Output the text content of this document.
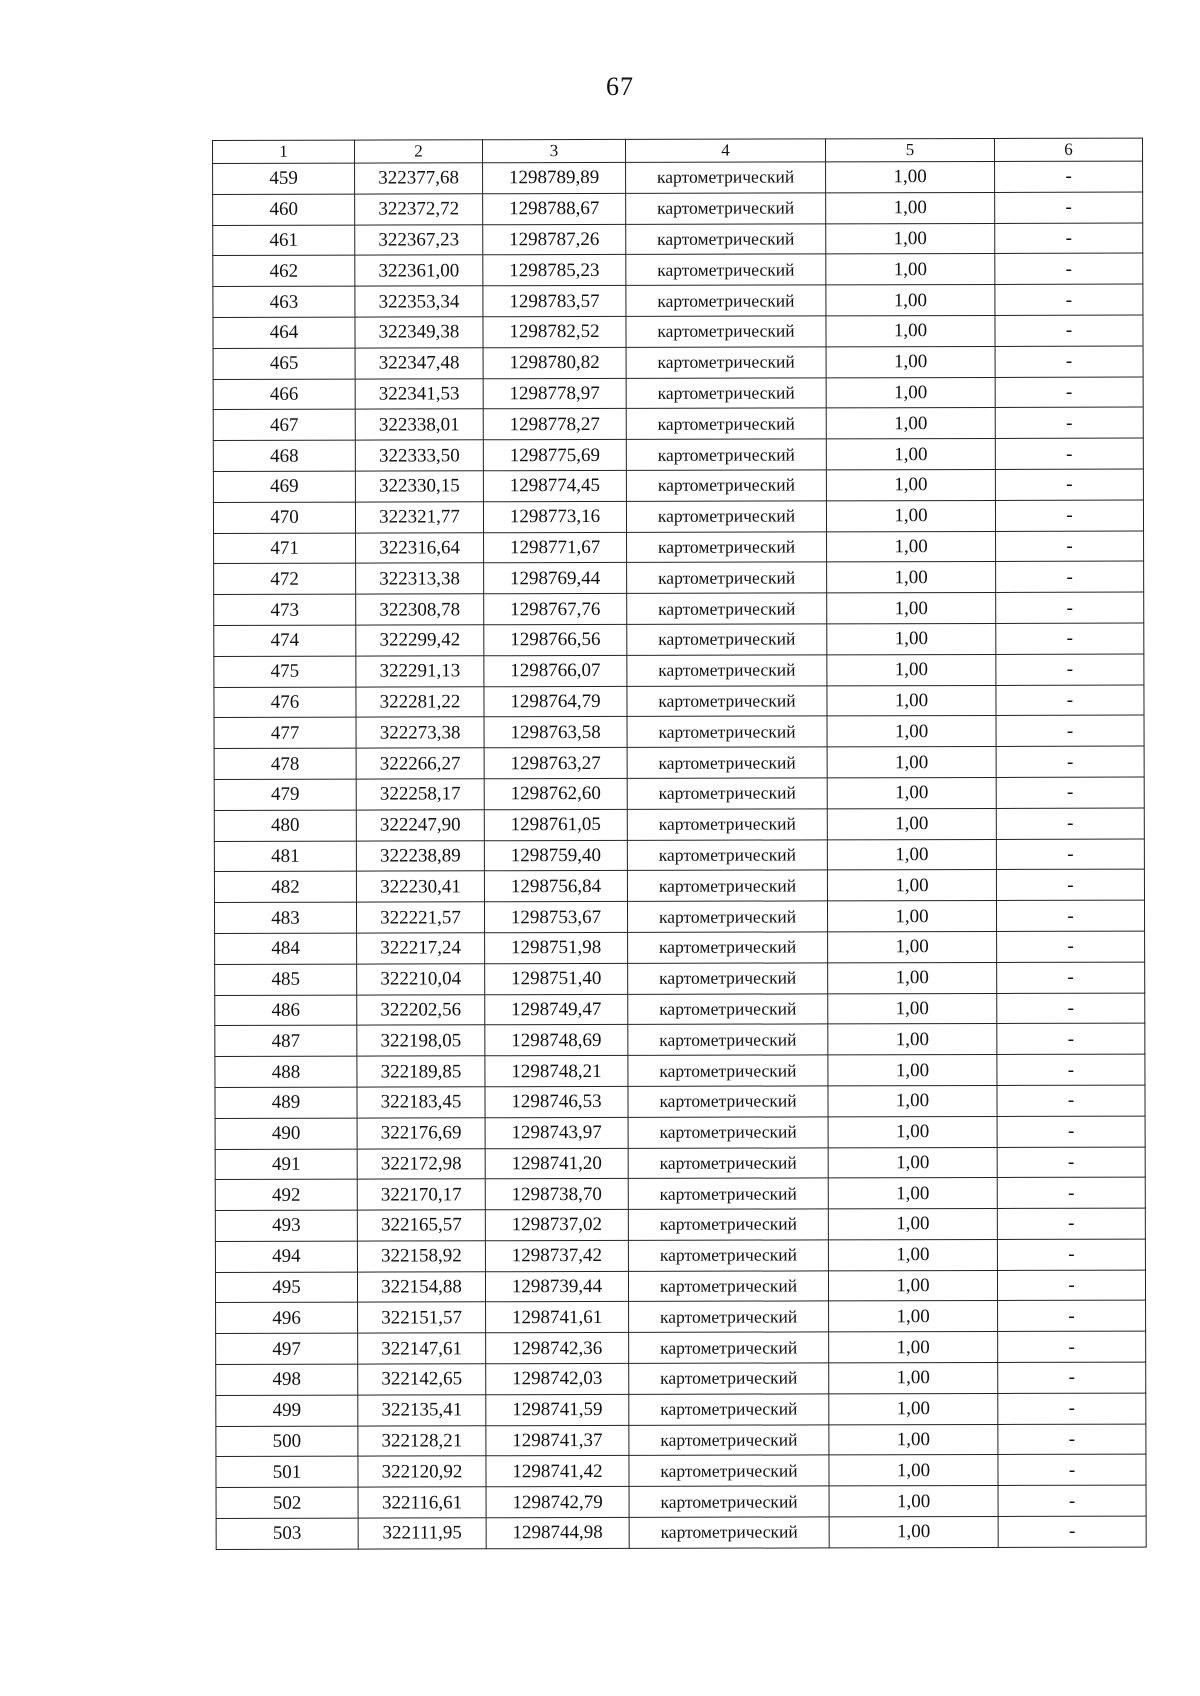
67
1	2	3	4	5	6
459	322377,68	1298789,89	картометрический	1,00	-
460	322372,72	1298788,67	картометрический	1,00	-
461	322367,23	1298787,26	картометрический	1,00	-
462	322361,00	1298785,23	картометрический	1,00	-
463	322353,34	1298783,57	картометрический	1,00	-
464	322349,38	1298782,52	картометрический	1,00	-
465	322347,48	1298780,82	картометрический	1,00	-
466	322341,53	1298778,97	картометрический	1,00	-
467	322338,01	1298778,27	картометрический	1,00	-
468	322333,50	1298775,69	картометрический	1,00	-
469	322330,15	1298774,45	картометрический	1,00	-
470	322321,77	1298773,16	картометрический	1,00	-
471	322316,64	1298771,67	картометрический	1,00	-
472	322313,38	1298769,44	картометрический	1,00	-
473	322308,78	1298767,76	картометрический	1,00	-
474	322299,42	1298766,56	картометрический	1,00	-
475	322291,13	1298766,07	картометрический	1,00	-
476	322281,22	1298764,79	картометрический	1,00	-
477	322273,38	1298763,58	картометрический	1,00	-
478	322266,27	1298763,27	картометрический	1,00	-
479	322258,17	1298762,60	картометрический	1,00	-
480	322247,90	1298761,05	картометрический	1,00	-
481	322238,89	1298759,40	картометрический	1,00	-
482	322230,41	1298756,84	картометрический	1,00	-
483	322221,57	1298753,67	картометрический	1,00	-
484	322217,24	1298751,98	картометрический	1,00	-
485	322210,04	1298751,40	картометрический	1,00	-
486	322202,56	1298749,47	картометрический	1,00	-
487	322198,05	1298748,69	картометрический	1,00	-
488	322189,85	1298748,21	картометрический	1,00	-
489	322183,45	1298746,53	картометрический	1,00	-
490	322176,69	1298743,97	картометрический	1,00	-
491	322172,98	1298741,20	картометрический	1,00	-
492	322170,17	1298738,70	картометрический	1,00	-
493	322165,57	1298737,02	картометрический	1,00	-
494	322158,92	1298737,42	картометрический	1,00	-
495	322154,88	1298739,44	картометрический	1,00	-
496	322151,57	1298741,61	картометрический	1,00	-
497	322147,61	1298742,36	картометрический	1,00	-
498	322142,65	1298742,03	картометрический	1,00	-
499	322135,41	1298741,59	картометрический	1,00	-
500	322128,21	1298741,37	картометрический	1,00	-
501	322120,92	1298741,42	картометрический	1,00	-
502	322116,61	1298742,79	картометрический	1,00	-
503	322111,95	1298744,98	картометрический	1,00	-
